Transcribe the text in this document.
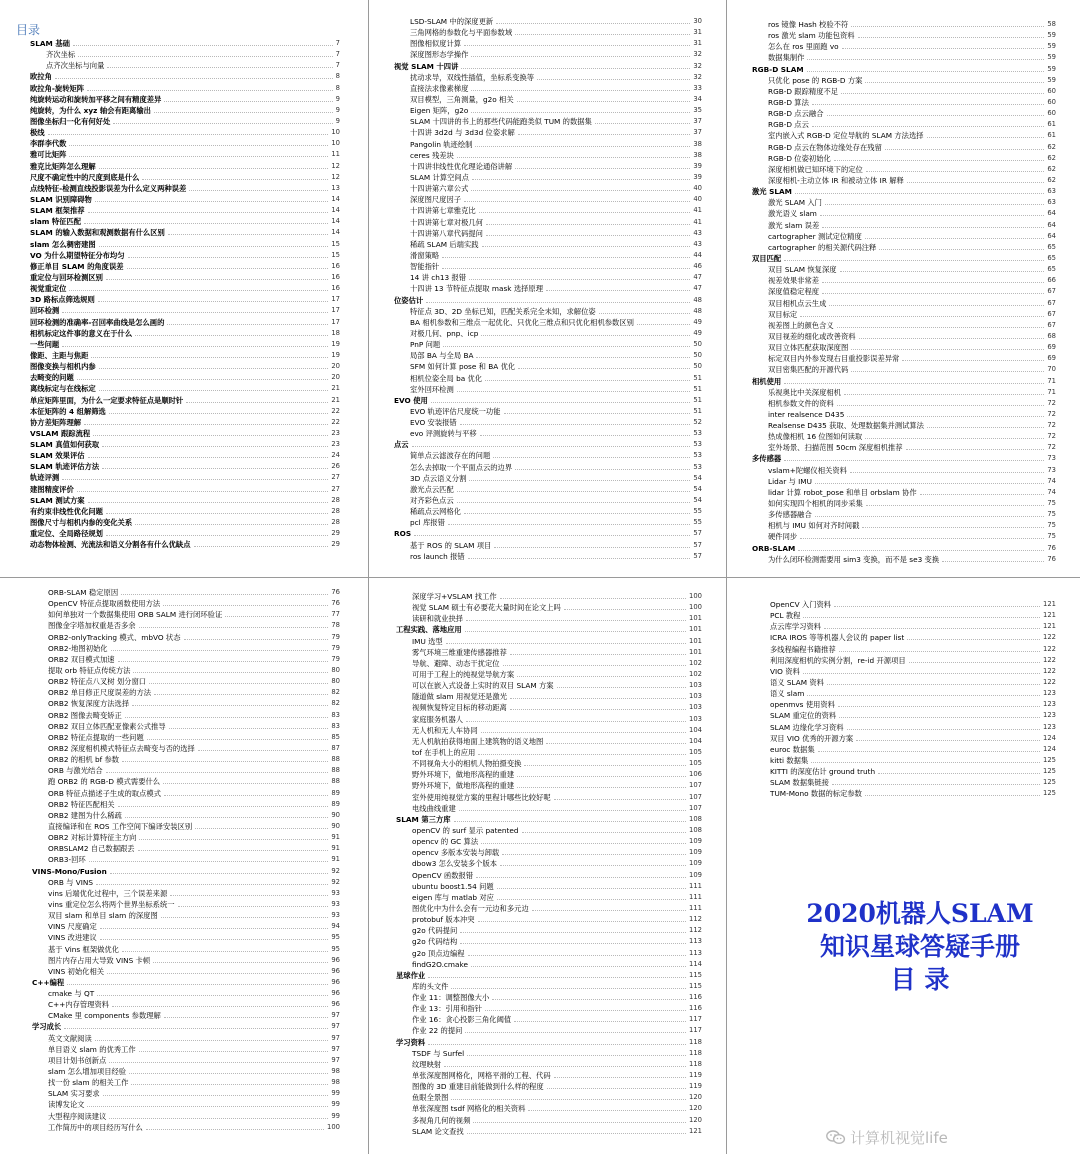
目录
SLAM 基础	7
齐次坐标	7
点齐次坐标与向量	7
欧拉角	8
欧拉角-旋转矩阵	8
纯旋转运动和旋转加平移之间有精度差异	9
纯旋转，为什么 xyz 轴会有距离输出	9
图像坐标归一化有何好处	9
极线	10
李群李代数	10
雅可比矩阵	11
雅克比矩阵怎么理解	12
尺度不确定性中的尺度到底是什么	12
点线特征-检测直线投影误差为什么定义两种误差	13
SLAM 识别障碍物	14
SLAM 框架推荐	14
slam 特征匹配	14
SLAM 的输入数据和观测数据有什么区别	14
slam 怎么稠密建图	15
VO 为什么期望特征分布均匀	15
修正单目 SLAM 的角度误差	16
重定位与回环检测区别	16
视觉重定位	16
3D 路标点筛选规则	17
回环检测	17
回环检测的准确率-召回率曲线是怎么画的	17
相机标定这件事的意义在于什么	18
一些问题	19
像距、主距与焦距	19
图像变换与相机内参	20
去畸变的问题	20
离线标定与在线标定	21
单应矩阵里面，为什么一定要求特征点是顺时针	21
本征矩阵的 4 组解筛选	22
协方差矩阵理解	22
VSLAM 跟踪流程	23
SLAM 真值如何获取	23
SLAM 效果评估	24
SLAM 轨迹评估方法	26
轨迹评测	27
建图精度评价	27
SLAM 测试方案	28
有约束非线性优化问题	28
图像尺寸与相机内参的变化关系	28
重定位、全局路径规划	29
动态物体检测、光流法和语义分割各有什么优缺点	29
LSD-SLAM 中的深度更新	30
三角网格的参数化与平面参数域	31
图像相似度计算	31
深度图形态学操作	32
视觉 SLAM 十四讲	32
扰动求导，双线性插值，坐标系变换等	32
直接法求像素梯度	33
双目模型，三角测量，g2o 相关	34
Eigen 矩阵，g2o	35
SLAM 十四讲的书上的那些代码能跑类似 TUM 的数据集	37
十四讲 3d2d 与 3d3d 位姿求解	37
Pangolin 轨迹绘制	38
ceres 残差块	38
十四讲非线性优化理论通俗讲解	39
SLAM 计算空间点	39
十四讲第六章公式	40
深度图尺度因子	40
十四讲第七章雅克比	41
十四讲第七章对极几何	41
十四讲第八章代码提问	43
稀疏 SLAM 后端实践	43
滑窗策略	44
智能指针	46
14 讲 ch13 报错	47
十四讲 13 节特征点提取 mask 选择原理	47
位姿估计	48
特征点 3D、2D 坐标已知，匹配关系完全未知，求解位姿	48
BA 相机参数和三维点一起优化、只优化三维点和只优化相机参数区别	49
对极几何、pnp、icp	49
PnP 问题	50
局部 BA 与全局 BA	50
SFM 如何计算 pose 和 BA 优化	50
相机位姿全局 ba 优化	51
室外回环检测	51
EVO 使用	51
EVO 轨迹评估尺度统一功能	51
EVO 安装报错	52
evo 评测旋转与平移	53
点云	53
简单点云滤波存在的问题	53
怎么去掉取一个平面点云的边界	53
3D 点云语义分割	54
激光点云匹配	54
对齐彩色点云	54
稀疏点云网格化	55
pcl 库报错	55
ROS	57
基于 ROS 的 SLAM 项目	57
ros launch 报错	57
ros 镜像 Hash 校验不符	58
ros 激光 slam 功能包资料	59
怎么在 ros 里面跑 vo	59
数据集制作	59
RGB-D SLAM	59
只优化 pose 的 RGB-D 方案	59
RGB-D 跟踪精度不足	60
RGB-D 算法	60
RGB-D 点云融合	60
RGB-D 点云	61
室内嵌入式 RGB-D 定位导航的 SLAM 方法选择	61
RGB-D 点云在物体边缘处存在残留	62
RGB-D 位姿初始化	62
深度相机做已知环境下的定位	62
深度相机-主动立体 IR 和被动立体 IR 解释	62
激光 SLAM	63
激光 SLAM 入门	63
激光语义 slam	64
激光 slam 误差	64
cartographer 测试定位精度	64
cartographer 的相关源代码注释	65
双目匹配	65
双目 SLAM 恢复深度	65
视差效果非常差	66
深度值稳定程度	67
双目相机点云生成	67
双目标定	67
视差图上的颜色含义	67
双目视差的细化或改善资料	68
双目立体匹配获取深度图	69
标定双目内外参发现右目重投影误差异常	69
双目密集匹配的开源代码	70
相机使用	71
乐视奥比中关深度相机	71
相机参数文件的资料	72
inter realsence D435	72
Realsense D435 获取、处理数据集并测试算法	72
热成像相机 16 位图如何读取	72
室外场景、扫描范围 50cm 深度相机推荐	72
多传感器	73
vslam+陀螺仪相关资料	73
Lidar 与 IMU	74
lidar 计算 robot_pose 和单目 orbslam 协作	74
如何实现四个相机的同步采集	75
多传感器融合	75
相机与 IMU 如何对齐时间戳	75
硬件同步	75
ORB-SLAM	76
为什么闭环检测需要用 sim3 变换，而不是 se3 变换	76
ORB-SLAM 稳定原因	76
OpenCV 特征点提取函数使用方法	76
如何单独对一个数据集使用 ORB SALM 进行闭环验证	77
图像金字塔加权重是否多余	78
ORB2-onlyTracking 模式、mbVO 状态	79
ORB2-地图初始化	79
ORB2 双目模式加速	79
提取 orb 特征点传统方法	80
ORB2 特征点八叉树 划分窗口	80
ORB2 单目修正尺度误差的方法	82
ORB2 恢复深度方法选择	82
ORB2 图像去畸变矫正	83
ORB2 双目立体匹配亚像素公式推导	83
ORB2 特征点提取的一些问题	85
ORB2 深度相机模式特征点去畸变与否的选择	87
ORB2 的相机 bf 参数	88
ORB 与激光结合	88
跑 ORB2 的 RGB-D 模式需要什么	88
ORB 特征点描述子生成的取点模式	89
ORB2 特征匹配相关	89
ORB2 建图为什么稀疏	90
直接编译和在 ROS 工作空间下编译安装区别	90
OBR2 对标计算特征主方向	91
ORBSLAM2 自己数据跟丢	91
ORB3-回环	91
VINS-Mono/Fusion	92
ORB 与 VINS	92
vins 后端优化过程中，三个误差来源	93
vins 重定位怎么将两个世界坐标系统一	93
双目 slam 和单目 slam 的深度图	93
VINS 尺度确定	94
VINS 改进建议	95
基于 Vins 框架做优化	95
图片内存占用大导致 VINS 卡顿	96
VINS 初始化相关	96
C++编程	96
cmake 与 QT	96
C++内存管理资料	96
CMake 里 components 参数理解	97
学习成长	97
英文文献阅读	97
单目语义 slam 的优秀工作	97
项目计划书创新点	97
slam 怎么增加项目经验	98
找一份 slam 的相关工作	98
SLAM 实习要求	99
读博发论文	99
大型程序阅读建议	99
工作简历中的项目经历写什么	100
深度学习+VSLAM 找工作	100
视觉 SLAM 硕士有必要花大量时间在论文上吗	100
读研和就业抉择	101
工程实践、落地应用	101
IMU 选型	101
雾气环境三维重建传感器推荐	101
导航、避障、动态干扰定位	102
可用于工程上的纯视觉导航方案	102
可以在嵌入式设备上实时的双目 SLAM 方案	103
隧道做 slam 用视觉还是激光	103
视频恢复特定目标的移动距离	103
家庭服务机器人	103
无人机和无人车协同	104
无人机航拍获得地面上建筑物的语义地图	104
tof 在手机上的应用	105
不同视角大小的相机人物拍摄变换	105
野外环境下，做地形高程的重建	106
野外环境下，做地形高程的重建	107
室外使用纯视觉方案的里程计哪些比较好呢	107
电线曲线重建	107
SLAM 第三方库	108
openCV 的 surf 显示 patented	108
opencv 的 GC 算法	109
opencv 多版本安装与卸载	109
dbow3 怎么安装多个版本	109
OpenCV 函数报错	109
ubuntu boost1.54 问题	111
eigen 库与 matlab 对应	111
图优化中为什么会有一元边和多元边	111
protobuf 版本冲突	112
g2o 代码提问	112
g2o 代码结构	113
g2o 顶点边编程	113
findG2O.cmake	114
星球作业	115
库的头文件	115
作业 11：调整图像大小	116
作业 13：引用和指针	116
作业 16：贪心投影三角化阈值	117
作业 22 的提问	117
学习资料	118
TSDF 与 Surfel	118
纹理映射	118
单张深度图网格化，网格平滑的工程、代码	119
图像的 3D 重建目前能做到什么样的程度	119
鱼眼全景图	120
单张深度图 tsdf 网格化的相关资料	120
多视角几何的视频	120
SLAM 论文查找	121
OpenCV 入门资料	121
PCL 教程	121
点云库学习资料	121
ICRA IROS 等等机器人会议的 paper list	122
多线程编程书籍推荐	122
利用深度相机的实例分割，re-id 开源项目	122
VIO 资料	122
语义 SLAM 资料	122
语义 slam	123
openmvs 使用资料	123
SLAM 重定位的资料	123
SLAM 边缘化学习资料	123
双目 VIO 优秀的开源方案	124
euroc 数据集	124
kitti 数据集	125
KITTI 的深度估计 ground truth	125
SLAM 数据集链接	125
TUM-Mono 数据的标定参数	125
2020机器人SLAM
知识星球答疑手册
目 录
计算机视觉life
